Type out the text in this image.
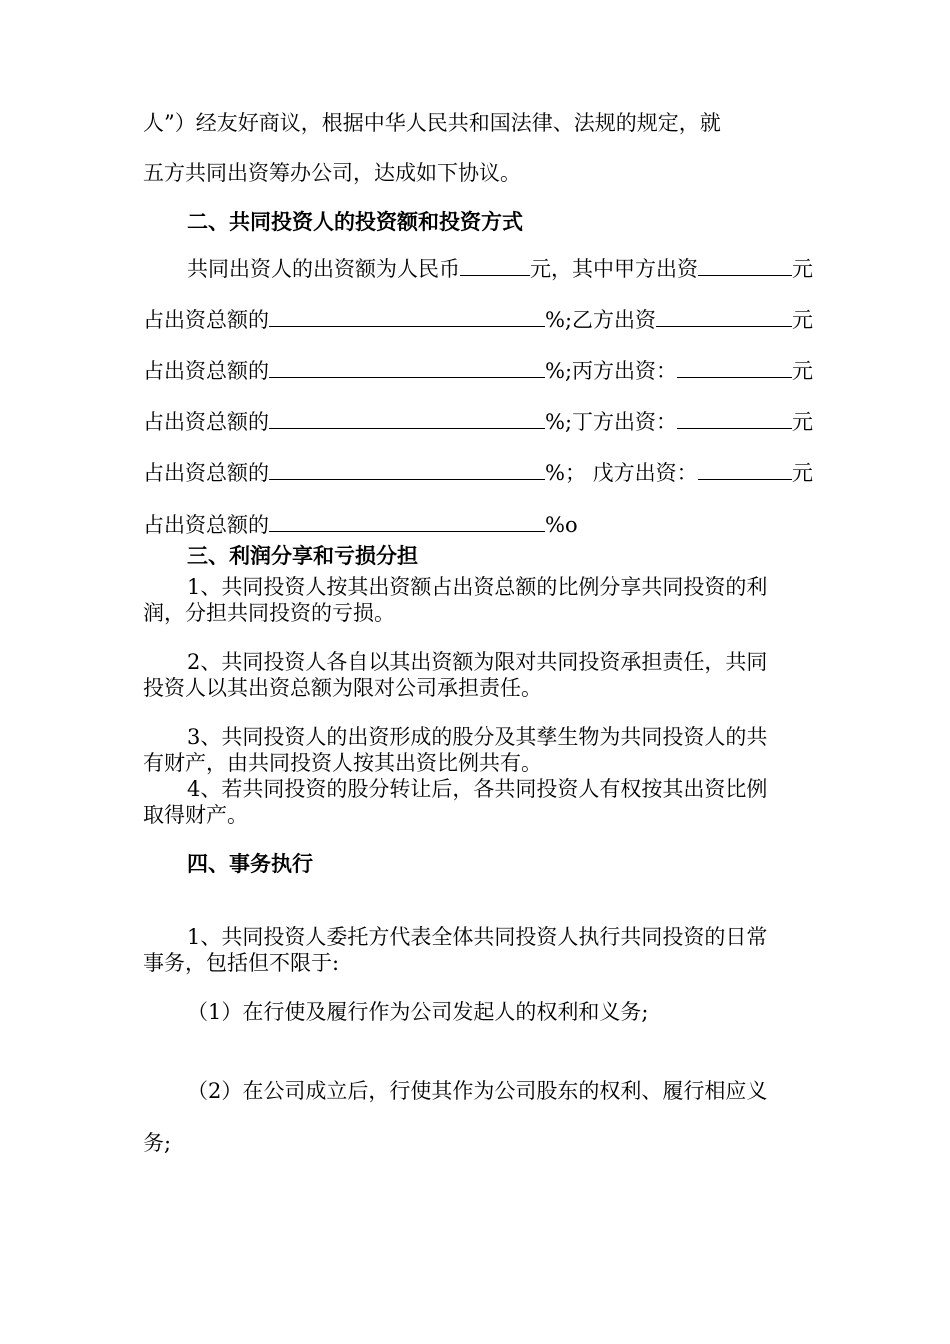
人”）经友好商议，根据中华人民共和国法律、法规的规定，就
五方共同出资筹办公司，达成如下协议。
二、共同投资人的投资额和投资方式
共同出资人的出资额为人民币	元，其中甲方出资	元
占出资总额的	%;乙方出资	元
占出资总额的	%;丙方出资：	元
占出资总额的	%;丁方出资：	元
占出资总额的	%； 戊方出资：	元
占出资总额的	%o
三、利润分享和亏损分担
1、共同投资人按其出资额占出资总额的比例分享共同投资的利
润，分担共同投资的亏损。
2、共同投资人各自以其出资额为限对共同投资承担责任，共同
投资人以其出资总额为限对公司承担责任。
3、共同投资人的出资形成的股分及其孳生物为共同投资人的共
有财产，由共同投资人按其出资比例共有。
4、若共同投资的股分转让后，各共同投资人有权按其出资比例
取得财产。
四、事务执行
1、共同投资人委托方代表全体共同投资人执行共同投资的日常
事务，包括但不限于:
（1）在行使及履行作为公司发起人的权利和义务;
（2）在公司成立后，行使其作为公司股东的权利、履行相应义
务;
